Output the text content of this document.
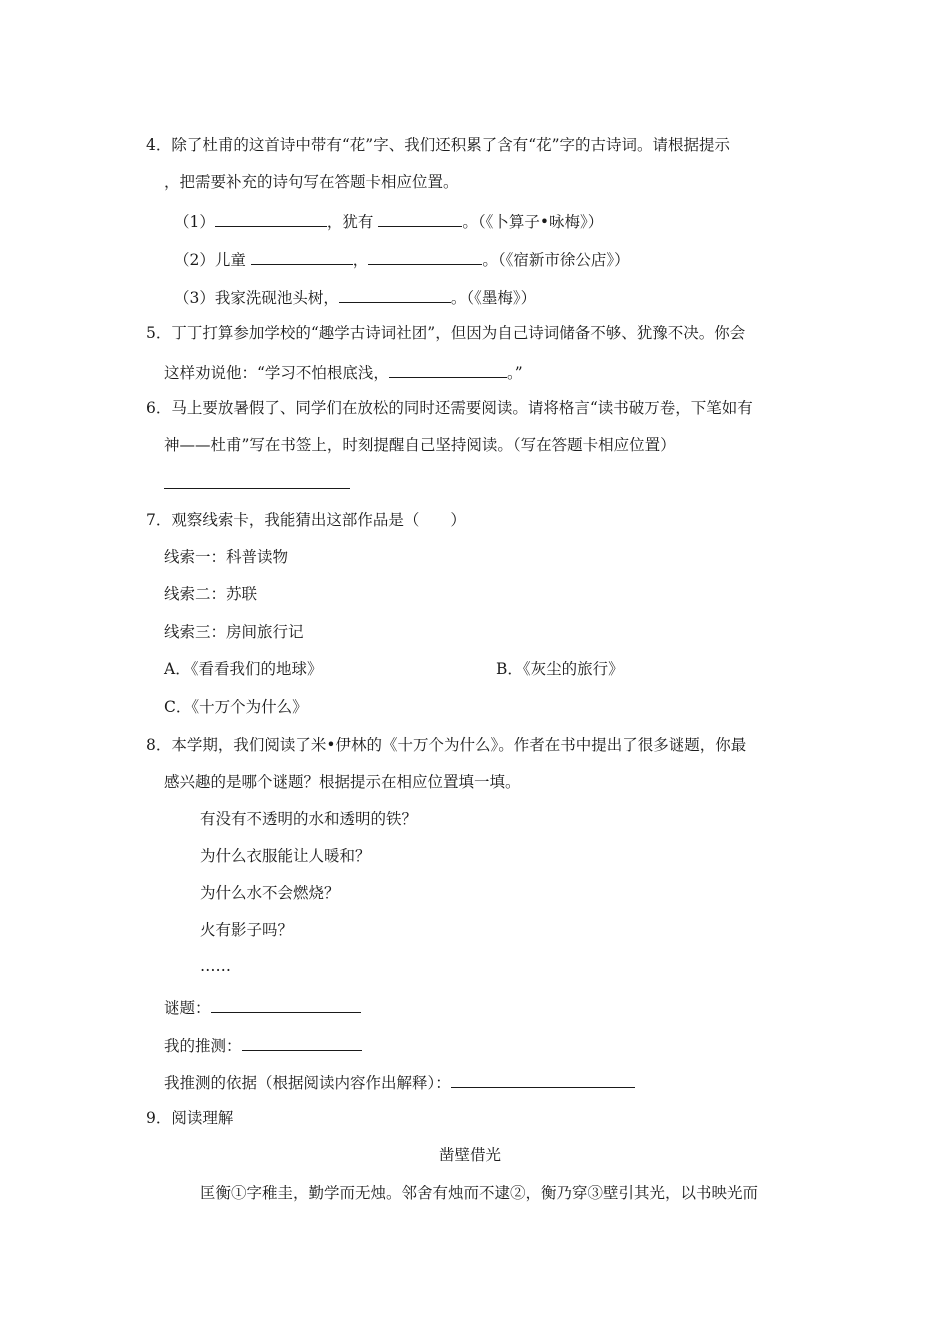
4．除了杜甫的这首诗中带有“花”字、我们还积累了含有“花”字的古诗词。请根据提示
，把需要补充的诗句写在答题卡相应位置。
（1）	，犹有	。（《卜算子•咏梅》）
（2）儿童	，	。（《宿新市徐公店》）
（3）我家洗砚池头树，	。（《墨梅》）
5．丁丁打算参加学校的“趣学古诗词社团”，但因为自己诗词储备不够、犹豫不决。你会
这样劝说他：“学习不怕根底浅，	。”
6．马上要放暑假了、同学们在放松的同时还需要阅读。请将格言“读书破万卷，下笔如有
神——杜甫”写在书签上，时刻提醒自己坚持阅读。（写在答题卡相应位置）
7．观察线索卡，我能猜出这部作品是（　　）
线索一：科普读物
线索二：苏联
线索三：房间旅行记
A．《看看我们的地球》	B．《灰尘的旅行》
C．《十万个为什么》
8．本学期，我们阅读了米•伊林的《十万个为什么》。作者在书中提出了很多谜题，你最
感兴趣的是哪个谜题？根据提示在相应位置填一填。
有没有不透明的水和透明的铁？
为什么衣服能让人暖和？
为什么水不会燃烧？
火有影子吗？
……
谜题：
我的推测：
我推测的依据（根据阅读内容作出解释）：
9．阅读理解
凿壁借光
匡衡①字稚圭，勤学而无烛。邻舍有烛而不逮②，衡乃穿③壁引其光，以书映光而
